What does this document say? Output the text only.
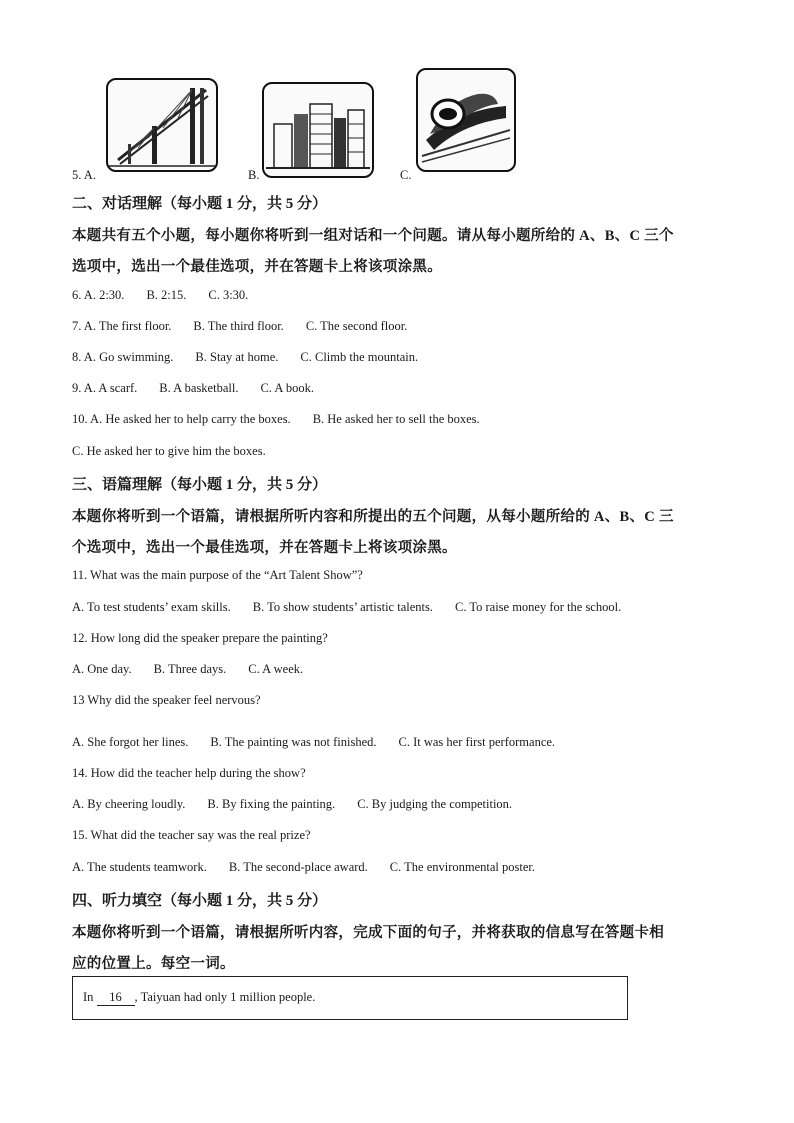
5. A.	B.	C.
二、对话理解（每小题 1 分，共 5 分）
本题共有五个小题，每小题你将听到一组对话和一个问题。请从每小题所给的 A、B、C 三个
选项中，选出一个最佳选项，并在答题卡上将该项涂黑。
6. A. 2:30. B. 2:15. C. 3:30.
7. A. The first floor. B. The third floor. C. The second floor.
8. A. Go swimming. B. Stay at home. C. Climb the mountain.
9. A. A scarf. B. A basketball. C. A book.
10. A. He asked her to help carry the boxes. B. He asked her to sell the boxes.
C. He asked her to give him the boxes.
三、语篇理解（每小题 1 分，共 5 分）
本题你将听到一个语篇，请根据所听内容和所提出的五个问题，从每小题所给的 A、B、C 三
个选项中，选出一个最佳选项，并在答题卡上将该项涂黑。
11. What was the main purpose of the “Art Talent Show”?
A. To test students’ exam skills. B. To show students’ artistic talents. C. To raise money for the school.
12. How long did the speaker prepare the painting?
A. One day. B. Three days. C. A week.
13 Why did the speaker feel nervous?
A. She forgot her lines. B. The painting was not finished. C. It was her first performance.
14. How did the teacher help during the show?
A. By cheering loudly. B. By fixing the painting. C. By judging the competition.
15. What did the teacher say was the real prize?
A. The students teamwork. B. The second-place award. C. The environmental poster.
四、听力填空（每小题 1 分，共 5 分）
本题你将听到一个语篇，请根据所听内容，完成下面的句子，并将获取的信息写在答题卡相
应的位置上。每空一词。
In 16 , Taiyuan had only 1 million people.
